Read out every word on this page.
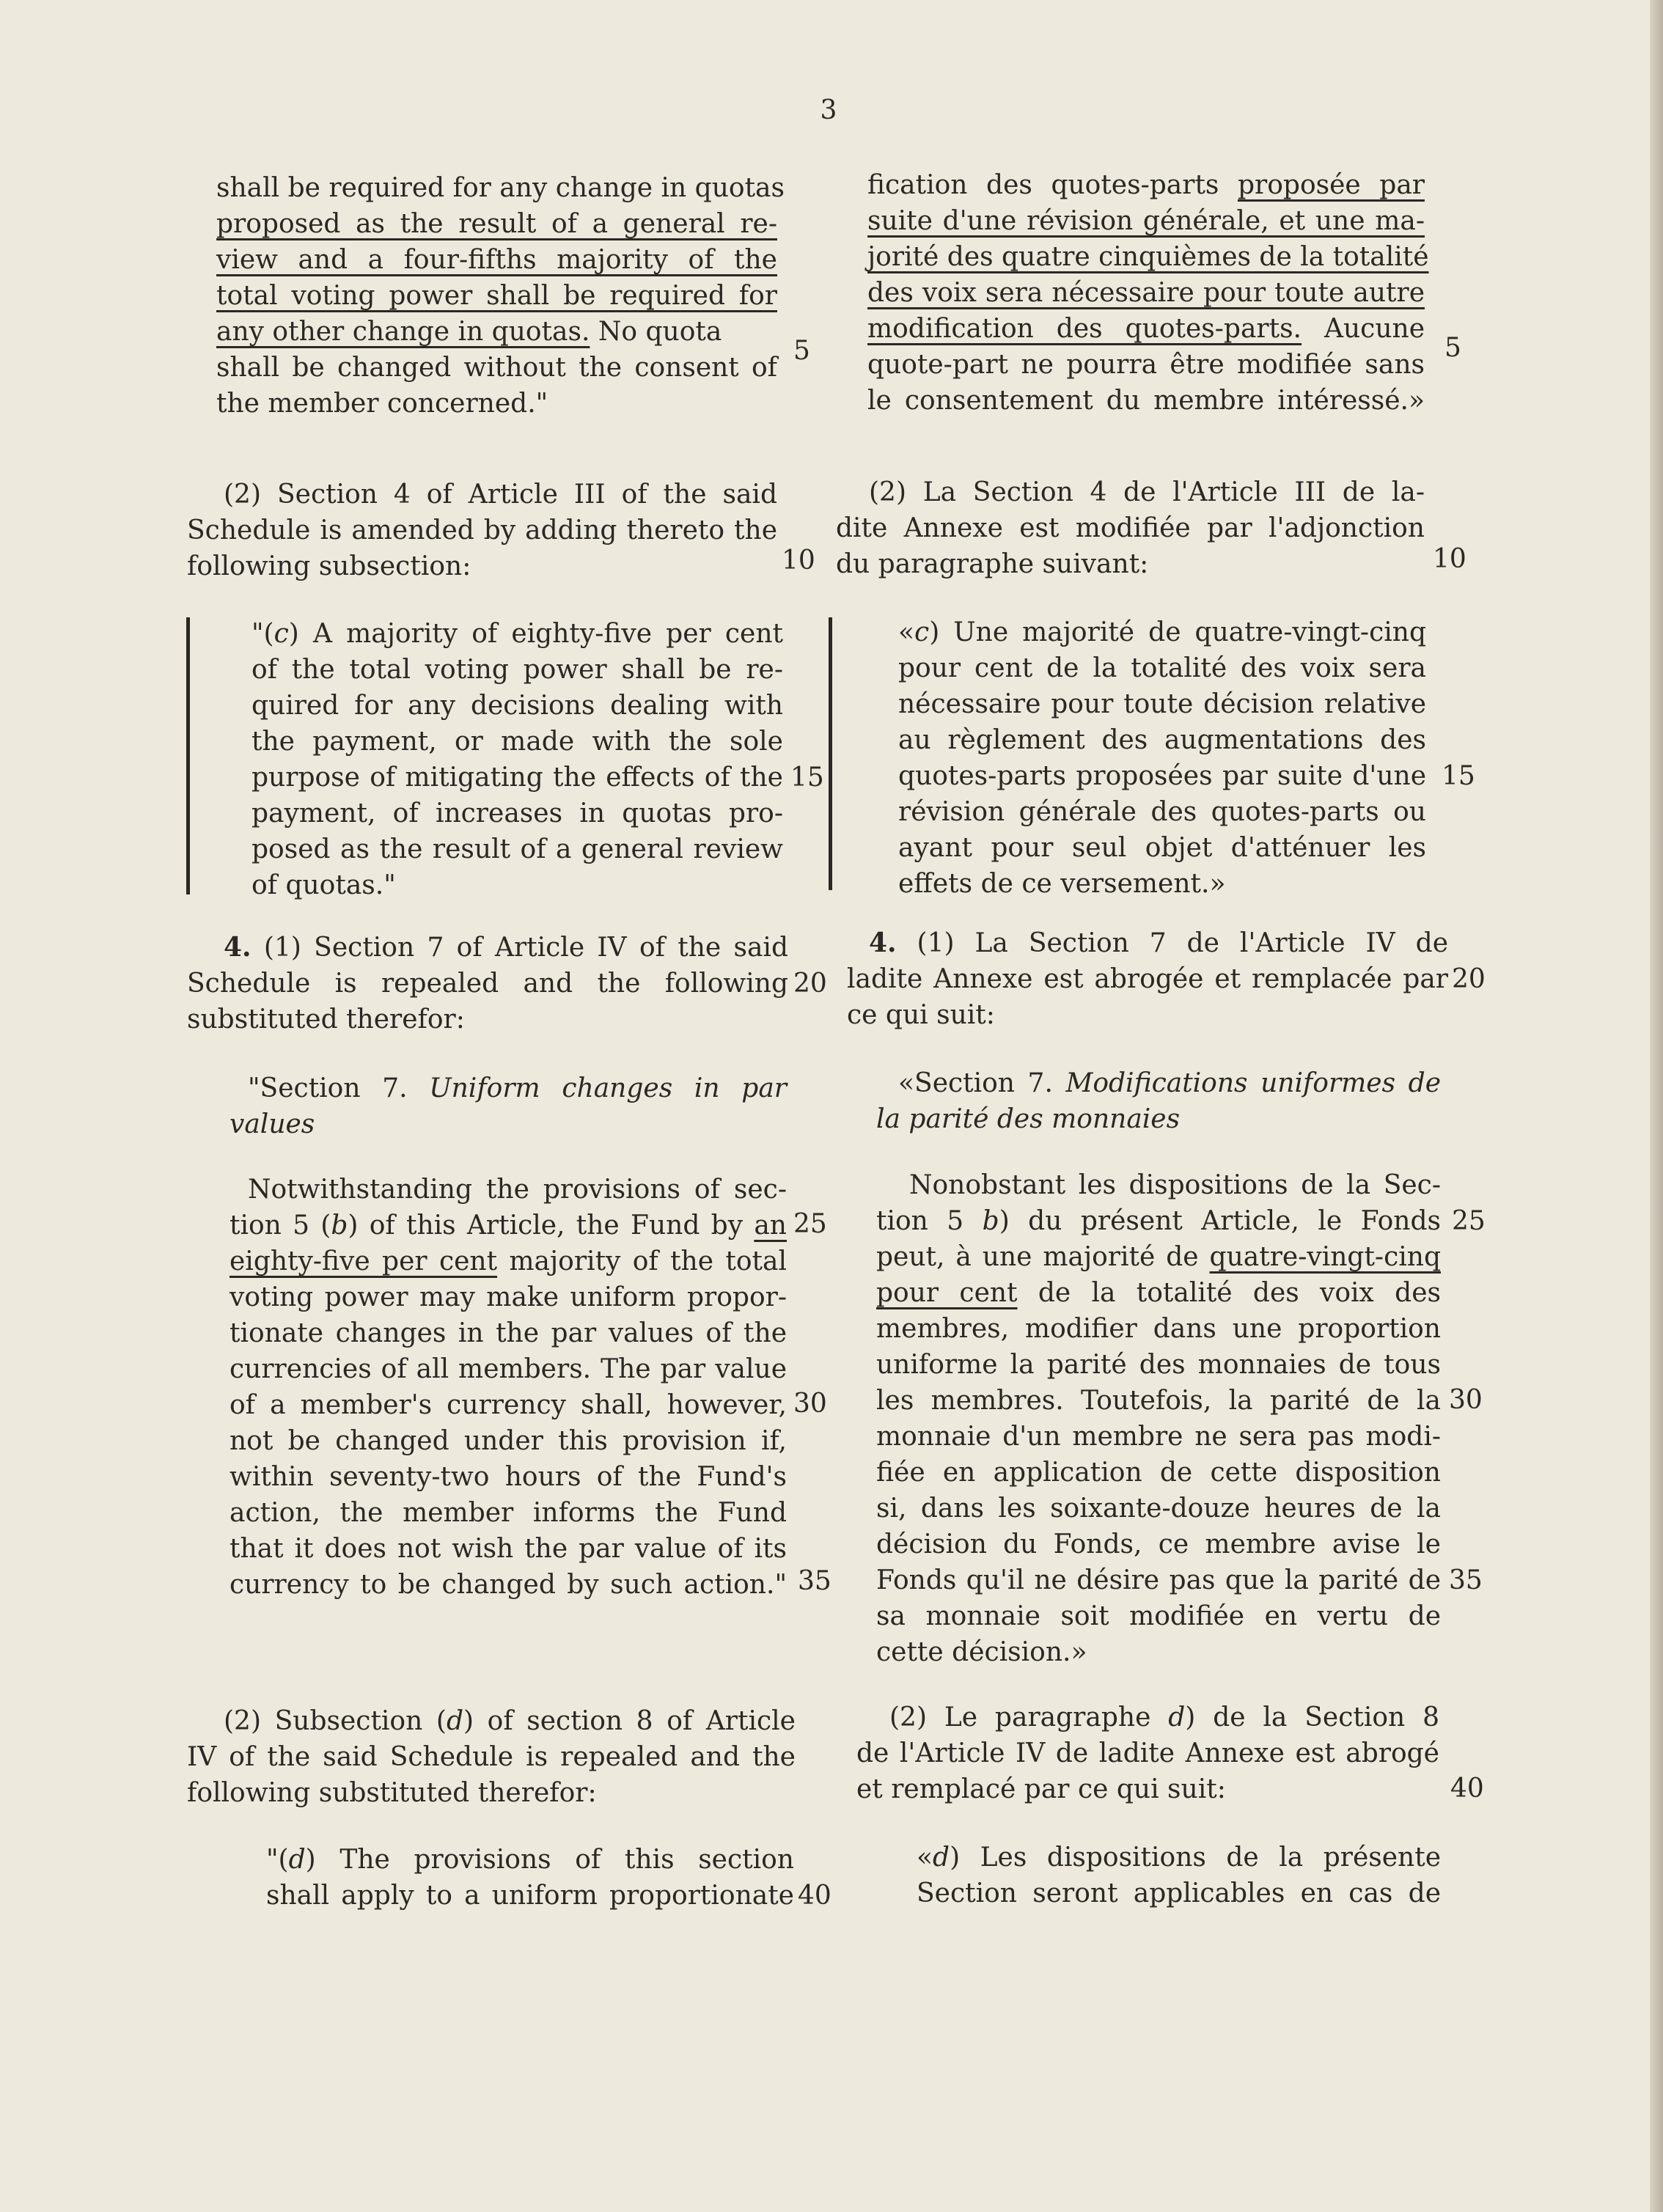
3
shall be required for any change in quotas
proposed as the result of a general re-
view and a four-fifths majority of the
total voting power shall be required for
any other change in quotas. No quota
shall be changed without the consent of
the member concerned."
(2) Section 4 of Article III of the said
Schedule is amended by adding thereto the
following subsection:
"(c) A majority of eighty-five per cent
of the total voting power shall be re-
quired for any decisions dealing with
the payment, or made with the sole
purpose of mitigating the effects of the
payment, of increases in quotas pro-
posed as the result of a general review
of quotas."
4. (1) Section 7 of Article IV of the said
Schedule is repealed and the following
substituted therefor:
"Section 7. Uniform changes in par
values
Notwithstanding the provisions of sec-
tion 5 (b) of this Article, the Fund by an
eighty-five per cent majority of the total
voting power may make uniform propor-
tionate changes in the par values of the
currencies of all members. The par value
of a member's currency shall, however,
not be changed under this provision if,
within seventy-two hours of the Fund's
action, the member informs the Fund
that it does not wish the par value of its
currency to be changed by such action."
(2) Subsection (d) of section 8 of Article
IV of the said Schedule is repealed and the
following substituted therefor:
"(d) The provisions of this section
shall apply to a uniform proportionate
5
10
15
20
25
30
35
40
fication des quotes-parts proposée par
suite d'une révision générale, et une ma-
jorité des quatre cinquièmes de la totalité
des voix sera nécessaire pour toute autre
modification des quotes-parts. Aucune
quote-part ne pourra être modifiée sans
le consentement du membre intéressé.»
(2) La Section 4 de l'Article III de la-
dite Annexe est modifiée par l'adjonction
du paragraphe suivant:
«c) Une majorité de quatre-vingt-cinq
pour cent de la totalité des voix sera
nécessaire pour toute décision relative
au règlement des augmentations des
quotes-parts proposées par suite d'une
révision générale des quotes-parts ou
ayant pour seul objet d'atténuer les
effets de ce versement.»
4. (1) La Section 7 de l'Article IV de
ladite Annexe est abrogée et remplacée par
ce qui suit:
«Section 7. Modifications uniformes de
la parité des monnaies
Nonobstant les dispositions de la Sec-
tion 5 b) du présent Article, le Fonds
peut, à une majorité de quatre-vingt-cinq
pour cent de la totalité des voix des
membres, modifier dans une proportion
uniforme la parité des monnaies de tous
les membres. Toutefois, la parité de la
monnaie d'un membre ne sera pas modi-
fiée en application de cette disposition
si, dans les soixante-douze heures de la
décision du Fonds, ce membre avise le
Fonds qu'il ne désire pas que la parité de
sa monnaie soit modifiée en vertu de
cette décision.»
(2) Le paragraphe d) de la Section 8
de l'Article IV de ladite Annexe est abrogé
et remplacé par ce qui suit:
«d) Les dispositions de la présente
Section seront applicables en cas de
5
10
15
20
25
30
35
40
